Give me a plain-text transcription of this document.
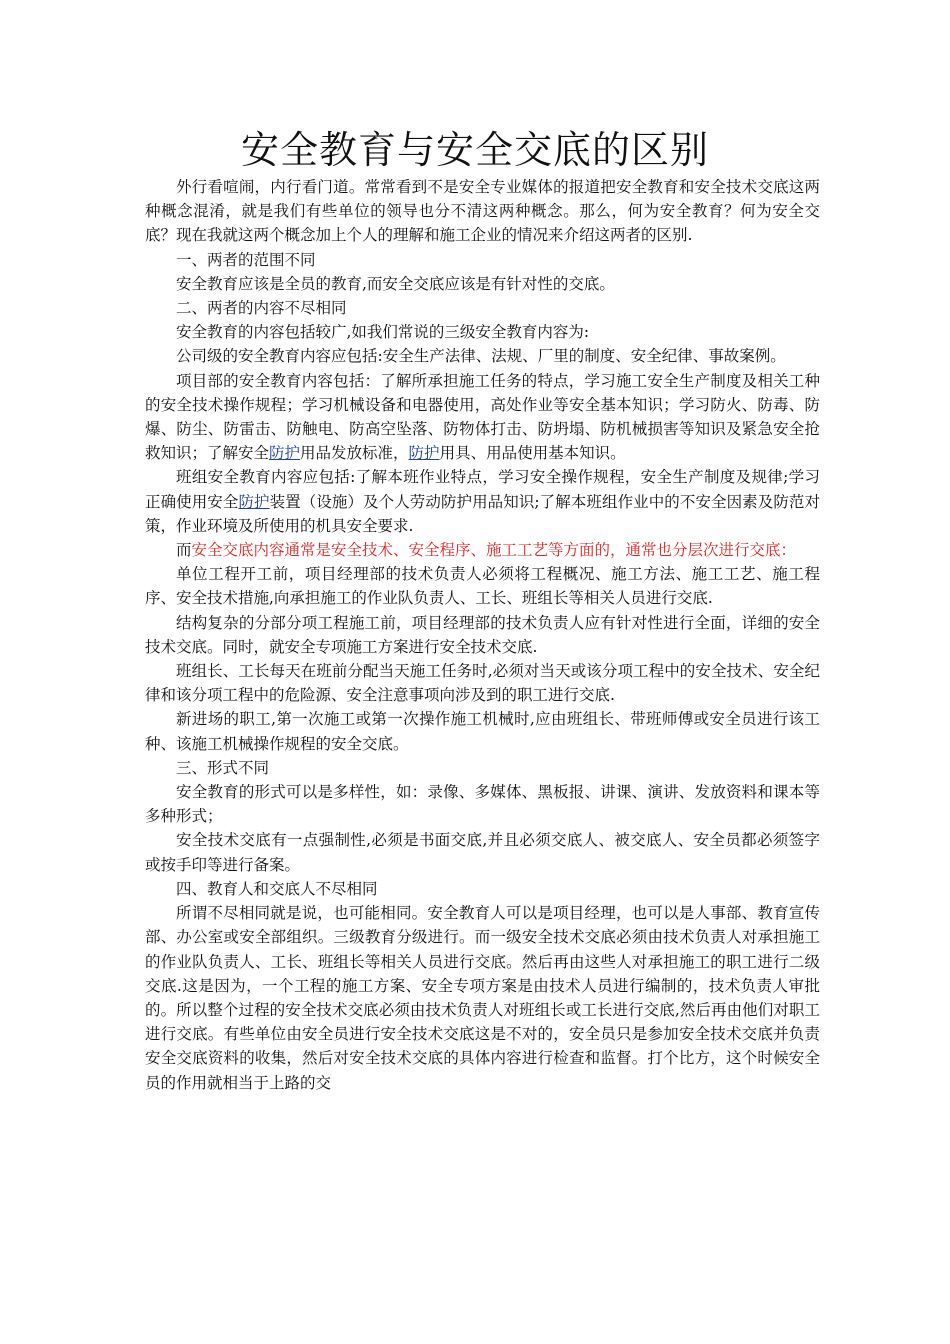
安全教育与安全交底的区别

外行看喧闹，内行看门道。常常看到不是安全专业媒体的报道把安全教育和安全技术交底这两种概念混淆，就是我们有些单位的领导也分不清这两种概念。那么，何为安全教育？何为安全交底？现在我就这两个概念加上个人的理解和施工企业的情况来介绍这两者的区别.

一、两者的范围不同

安全教育应该是全员的教育,而安全交底应该是有针对性的交底。

二、两者的内容不尽相同

安全教育的内容包括较广,如我们常说的三级安全教育内容为:

公司级的安全教育内容应包括:安全生产法律、法规、厂里的制度、安全纪律、事故案例。

项目部的安全教育内容包括：了解所承担施工任务的特点，学习施工安全生产制度及相关工种的安全技术操作规程；学习机械设备和电器使用，高处作业等安全基本知识；学习防火、防毒、防爆、防尘、防雷击、防触电、防高空坠落、防物体打击、防坍塌、防机械损害等知识及紧急安全抢救知识；了解安全防护用品发放标准，防护用具、用品使用基本知识。

班组安全教育内容应包括:了解本班作业特点，学习安全操作规程，安全生产制度及规律;学习正确使用安全防护装置（设施）及个人劳动防护用品知识;了解本班组作业中的不安全因素及防范对策，作业环境及所使用的机具安全要求.

而安全交底内容通常是安全技术、安全程序、施工工艺等方面的，通常也分层次进行交底：

单位工程开工前，项目经理部的技术负责人必须将工程概况、施工方法、施工工艺、施工程序、安全技术措施,向承担施工的作业队负责人、工长、班组长等相关人员进行交底.

结构复杂的分部分项工程施工前，项目经理部的技术负责人应有针对性进行全面，详细的安全技术交底。同时，就安全专项施工方案进行安全技术交底.

班组长、工长每天在班前分配当天施工任务时,必须对当天或该分项工程中的安全技术、安全纪律和该分项工程中的危险源、安全注意事项向涉及到的职工进行交底.

新进场的职工,第一次施工或第一次操作施工机械时,应由班组长、带班师傅或安全员进行该工种、该施工机械操作规程的安全交底。

三、形式不同

安全教育的形式可以是多样性，如：录像、多媒体、黑板报、讲课、演讲、发放资料和课本等多种形式；

安全技术交底有一点强制性,必须是书面交底,并且必须交底人、被交底人、安全员都必须签字或按手印等进行备案。

四、教育人和交底人不尽相同

所谓不尽相同就是说，也可能相同。安全教育人可以是项目经理，也可以是人事部、教育宣传部、办公室或安全部组织。三级教育分级进行。而一级安全技术交底必须由技术负责人对承担施工的作业队负责人、工长、班组长等相关人员进行交底。然后再由这些人对承担施工的职工进行二级交底.这是因为，一个工程的施工方案、安全专项方案是由技术人员进行编制的，技术负责人审批的。所以整个过程的安全技术交底必须由技术负责人对班组长或工长进行交底,然后再由他们对职工进行交底。有些单位由安全员进行安全技术交底这是不对的，安全员只是参加安全技术交底并负责安全交底资料的收集，然后对安全技术交底的具体内容进行检查和监督。打个比方，这个时候安全员的作用就相当于上路的交
